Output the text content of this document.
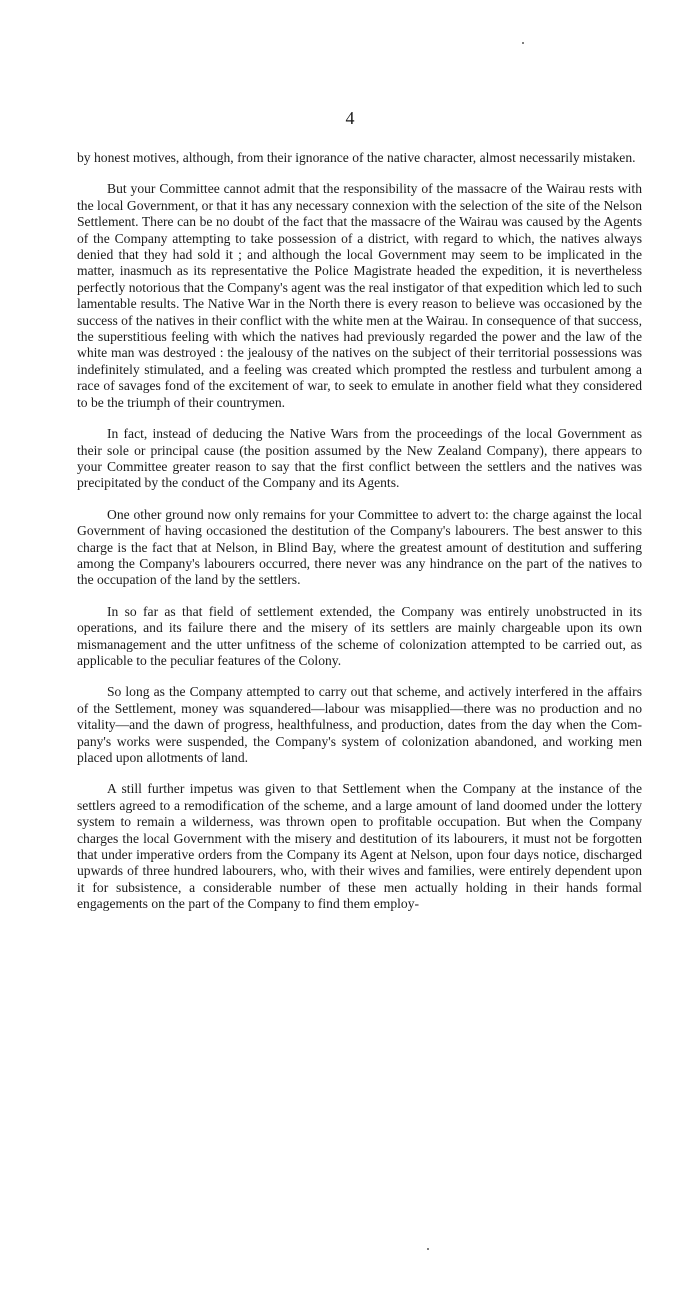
4

by honest motives, although, from their ignorance of the native character, almost necessarily mistaken.

But your Committee cannot admit that the responsibility of the massacre of the Wairau rests with the local Government, or that it has any necessary connexion with the selection of the site of the Nelson Settlement. There can be no doubt of the fact that the massacre of the Wairau was caused by the Agents of the Company attempting to take possession of a district, with regard to which, the natives always denied that they had sold it ; and although the local Government may seem to be implicated in the matter, inasmuch as its representative the Police Magistrate headed the expedition, it is nevertheless perfectly notorious that the Company's agent was the real instigator of that expedition which led to such lamentable results. The Native War in the North there is every reason to believe was occasioned by the success of the natives in their conflict with the white men at the Wairau. In consequence of that success, the superstitious feeling with which the natives had previously regarded the power and the law of the white man was destroyed : the jealousy of the natives on the subject of their territorial possessions was indefinitely stimulated, and a feeling was created which prompted the restless and turbulent among a race of savages fond of the excitement of war, to seek to emulate in another field what they considered to be the triumph of their countrymen.

In fact, instead of deducing the Native Wars from the proceedings of the local Government as their sole or principal cause (the position assumed by the New Zealand Company), there appears to your Committee greater reason to say that the first conflict between the settlers and the natives was precipitated by the conduct of the Company and its Agents.

One other ground now only remains for your Committee to advert to: the charge against the local Government of having occasioned the destitution of the Company's labourers. The best answer to this charge is the fact that at Nelson, in Blind Bay, where the greatest amount of destitution and suffering among the Company's labourers occurred, there never was any hindrance on the part of the natives to the occupation of the land by the settlers.

In so far as that field of settlement extended, the Company was entirely unobstructed in its operations, and its failure there and the misery of its settlers are mainly chargeable upon its own mismanagement and the utter unfitness of the scheme of colonization attempted to be carried out, as applicable to the peculiar features of the Colony.

So long as the Company attempted to carry out that scheme, and actively interfered in the affairs of the Settlement, money was squandered—labour was misapplied—there was no production and no vitality—and the dawn of progress, healthfulness, and production, dates from the day when the Company's works were suspended, the Company's system of colonization abandoned, and working men placed upon allotments of land.

A still further impetus was given to that Settlement when the Company at the instance of the settlers agreed to a remodification of the scheme, and a large amount of land doomed under the lottery system to remain a wilderness, was thrown open to profitable occupation. But when the Company charges the local Government with the misery and destitution of its labourers, it must not be forgotten that under imperative orders from the Company its Agent at Nelson, upon four days notice, discharged upwards of three hundred labourers, who, with their wives and families, were entirely dependent upon it for subsistence, a considerable number of these men actually holding in their hands formal engagements on the part of the Company to find them employ-
